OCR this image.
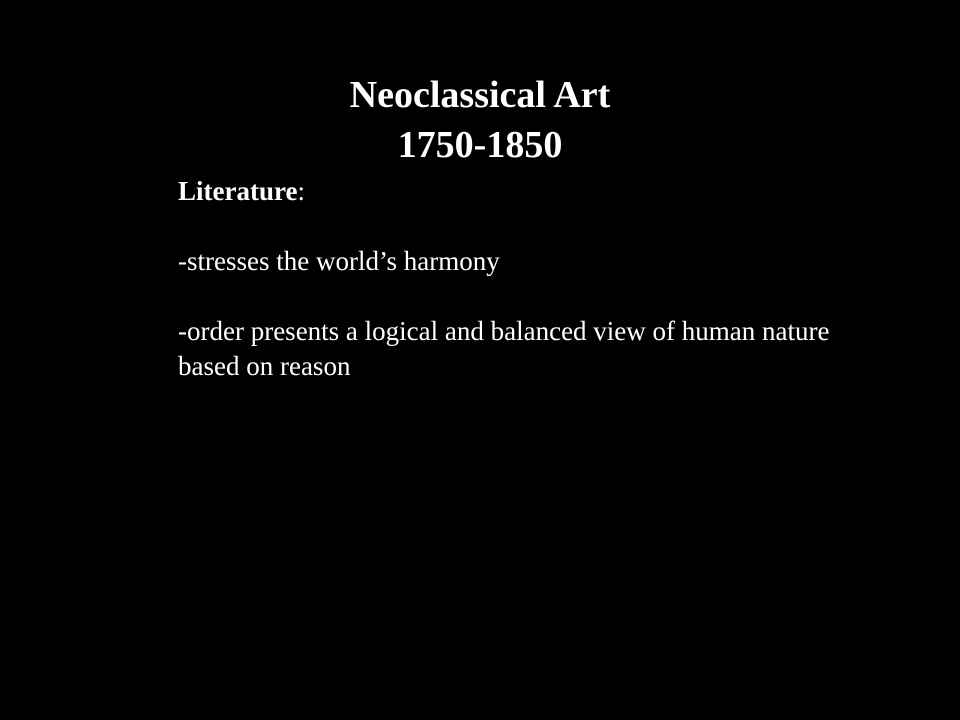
Neoclassical Art
1750-1850
Literature:
-stresses the world’s harmony
-order presents a logical and balanced view of human nature based on reason
